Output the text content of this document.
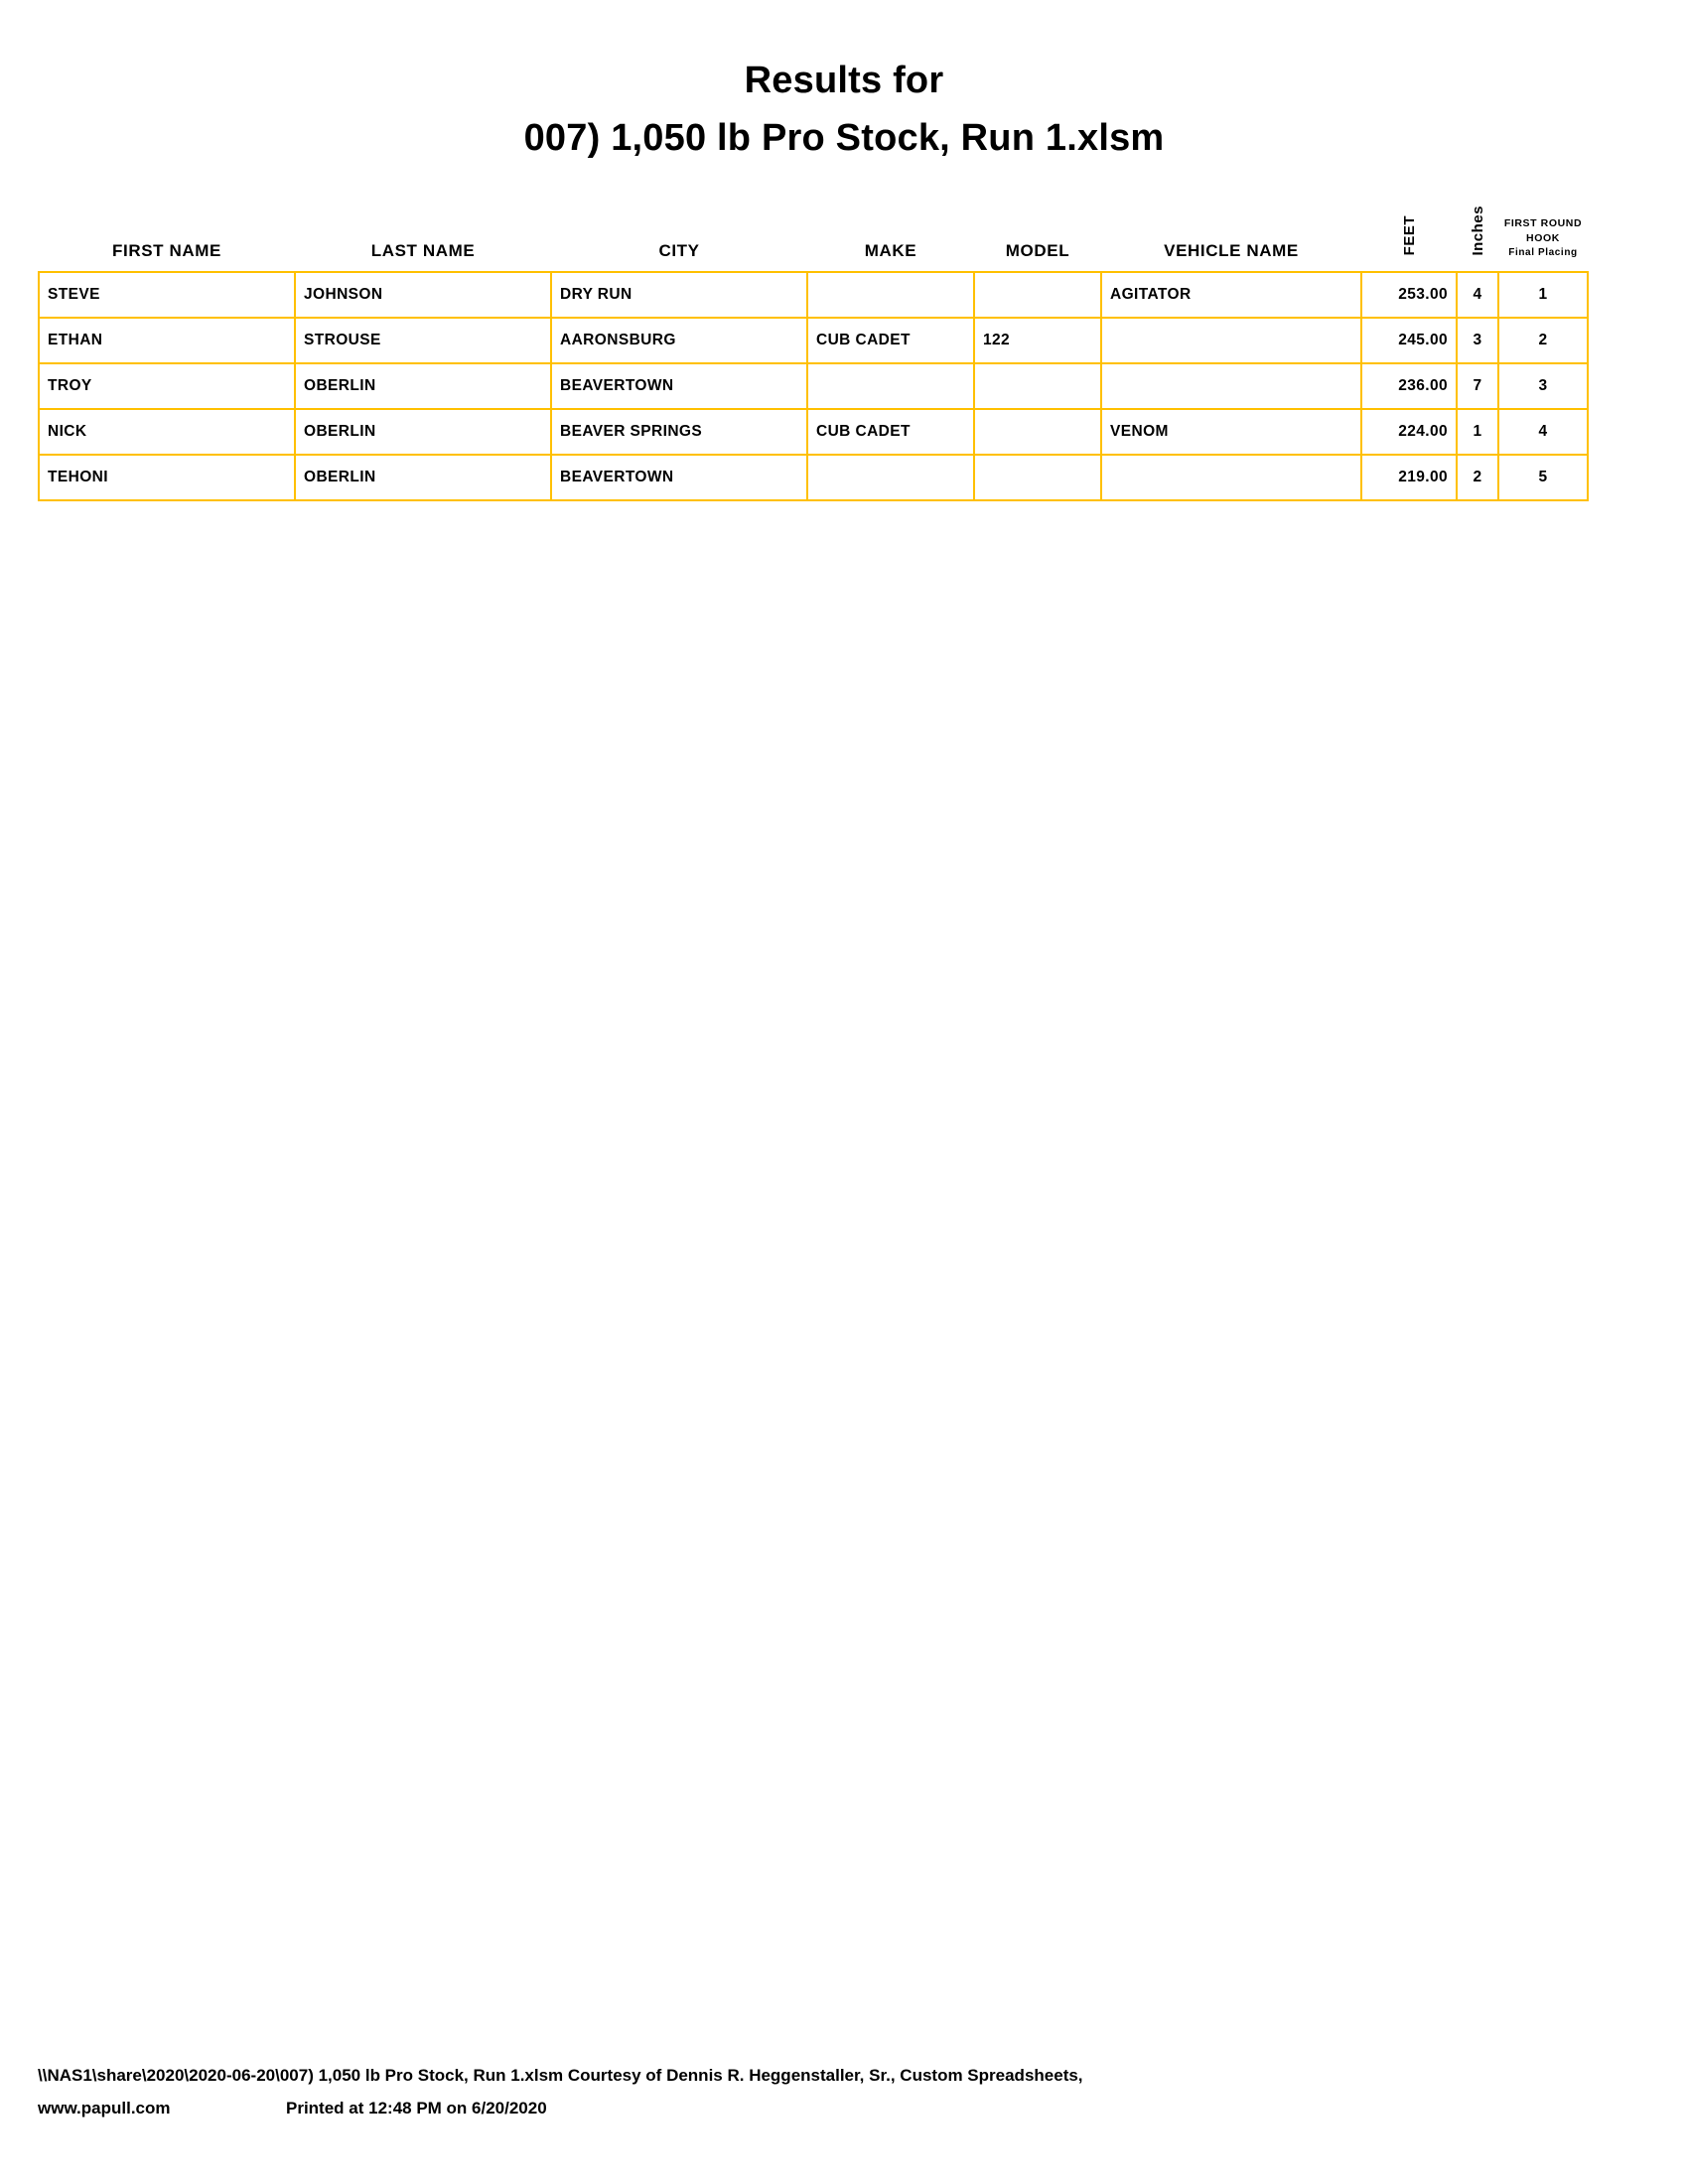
Results for
007) 1,050 lb Pro Stock, Run 1.xlsm
FIRST NAME	LAST NAME	CITY	MAKE	MODEL	VEHICLE NAME	FEET	Inches	FIRST ROUND
HOOK
Final Placing

STEVE	JOHNSON	DRY RUN			AGITATOR	253.00	4	1
ETHAN	STROUSE	AARONSBURG	CUB CADET	122		245.00	3	2
TROY	OBERLIN	BEAVERTOWN				236.00	7	3
NICK	OBERLIN	BEAVER SPRINGS	CUB CADET		VENOM	224.00	1	4
TEHONI	OBERLIN	BEAVERTOWN				219.00	2	5
\\NAS1\share\2020\2020-06-20\007) 1,050 lb Pro Stock, Run 1.xlsm Courtesy of Dennis R. Heggenstaller, Sr., Custom Spreadsheets,
www.papull.com	Printed at 12:48 PM on 6/20/2020
